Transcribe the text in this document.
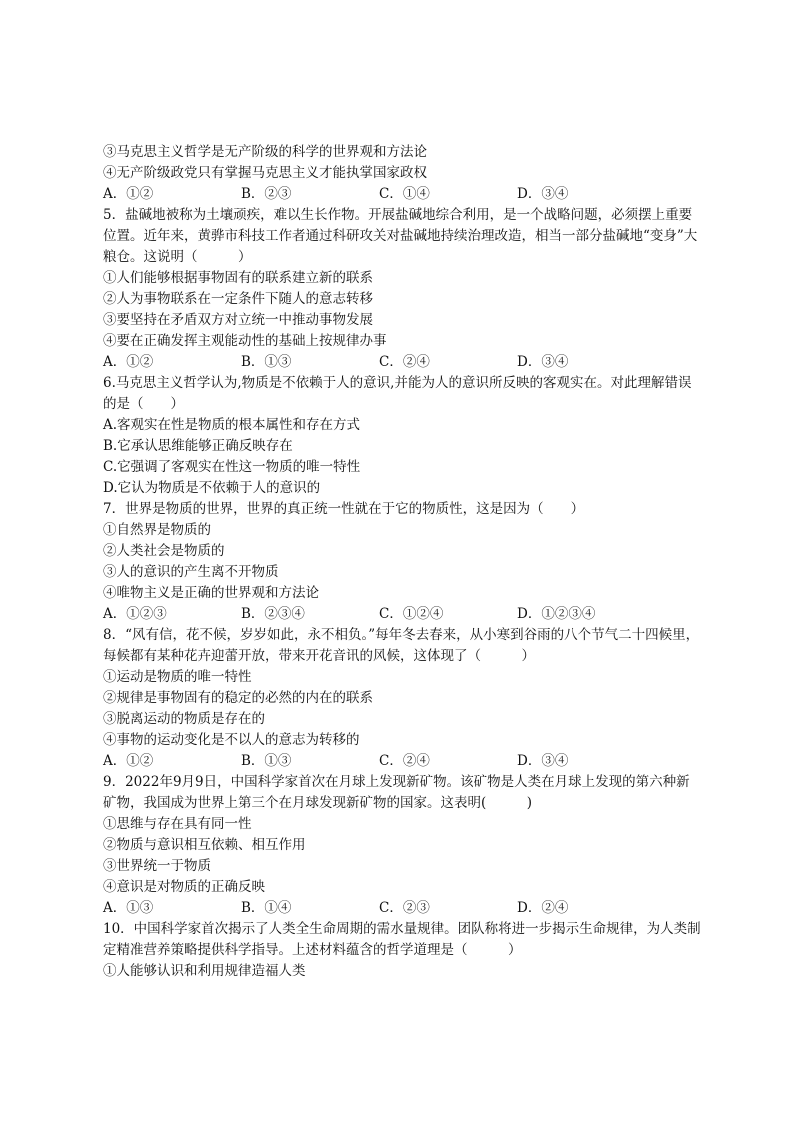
③马克思主义哲学是无产阶级的科学的世界观和方法论
④无产阶级政党只有掌握马克思主义才能执掌国家政权
A．①②	B．②③	C．①④	D．③④
5．盐碱地被称为土壤顽疾，难以生长作物。开展盐碱地综合利用，是一个战略问题，必须摆上重要位置。近年来，黄骅市科技工作者通过科研攻关对盐碱地持续治理改造，相当一部分盐碱地“变身”大粮仓。这说明（　　　）
①人们能够根据事物固有的联系建立新的联系
②人为事物联系在一定条件下随人的意志转移
③要坚持在矛盾双方对立统一中推动事物发展
④要在正确发挥主观能动性的基础上按规律办事
A．①②	B．①③	C．②④	D．③④
6.马克思主义哲学认为,物质是不依赖于人的意识,并能为人的意识所反映的客观实在。对此理解错误的是（　　）
A.客观实在性是物质的根本属性和存在方式
B.它承认思维能够正确反映存在
C.它强调了客观实在性这一物质的唯一特性
D.它认为物质是不依赖于人的意识的
7．世界是物质的世界，世界的真正统一性就在于它的物质性，这是因为（　　）
①自然界是物质的
②人类社会是物质的
③人的意识的产生离不开物质
④唯物主义是正确的世界观和方法论
A．①②③	B．②③④	C．①②④	D．①②③④
8．“风有信，花不候，岁岁如此，永不相负。”每年冬去春来，从小寒到谷雨的八个节气二十四候里，每候都有某种花卉迎蕾开放，带来开花音讯的风候，这体现了（　　　）
①运动是物质的唯一特性
②规律是事物固有的稳定的必然的内在的联系
③脱离运动的物质是存在的
④事物的运动变化是不以人的意志为转移的
A．①②	B．①③	C．②④	D．③④
9．2022年9月9日，中国科学家首次在月球上发现新矿物。该矿物是人类在月球上发现的第六种新矿物，我国成为世界上第三个在月球发现新矿物的国家。这表明(　　　)
①思维与存在具有同一性
②物质与意识相互依赖、相互作用
③世界统一于物质
④意识是对物质的正确反映
A．①③	B．①④	C．②③	D．②④
10．中国科学家首次揭示了人类全生命周期的需水量规律。团队称将进一步揭示生命规律，为人类制定精准营养策略提供科学指导。上述材料蕴含的哲学道理是（　　　）
①人能够认识和利用规律造福人类
